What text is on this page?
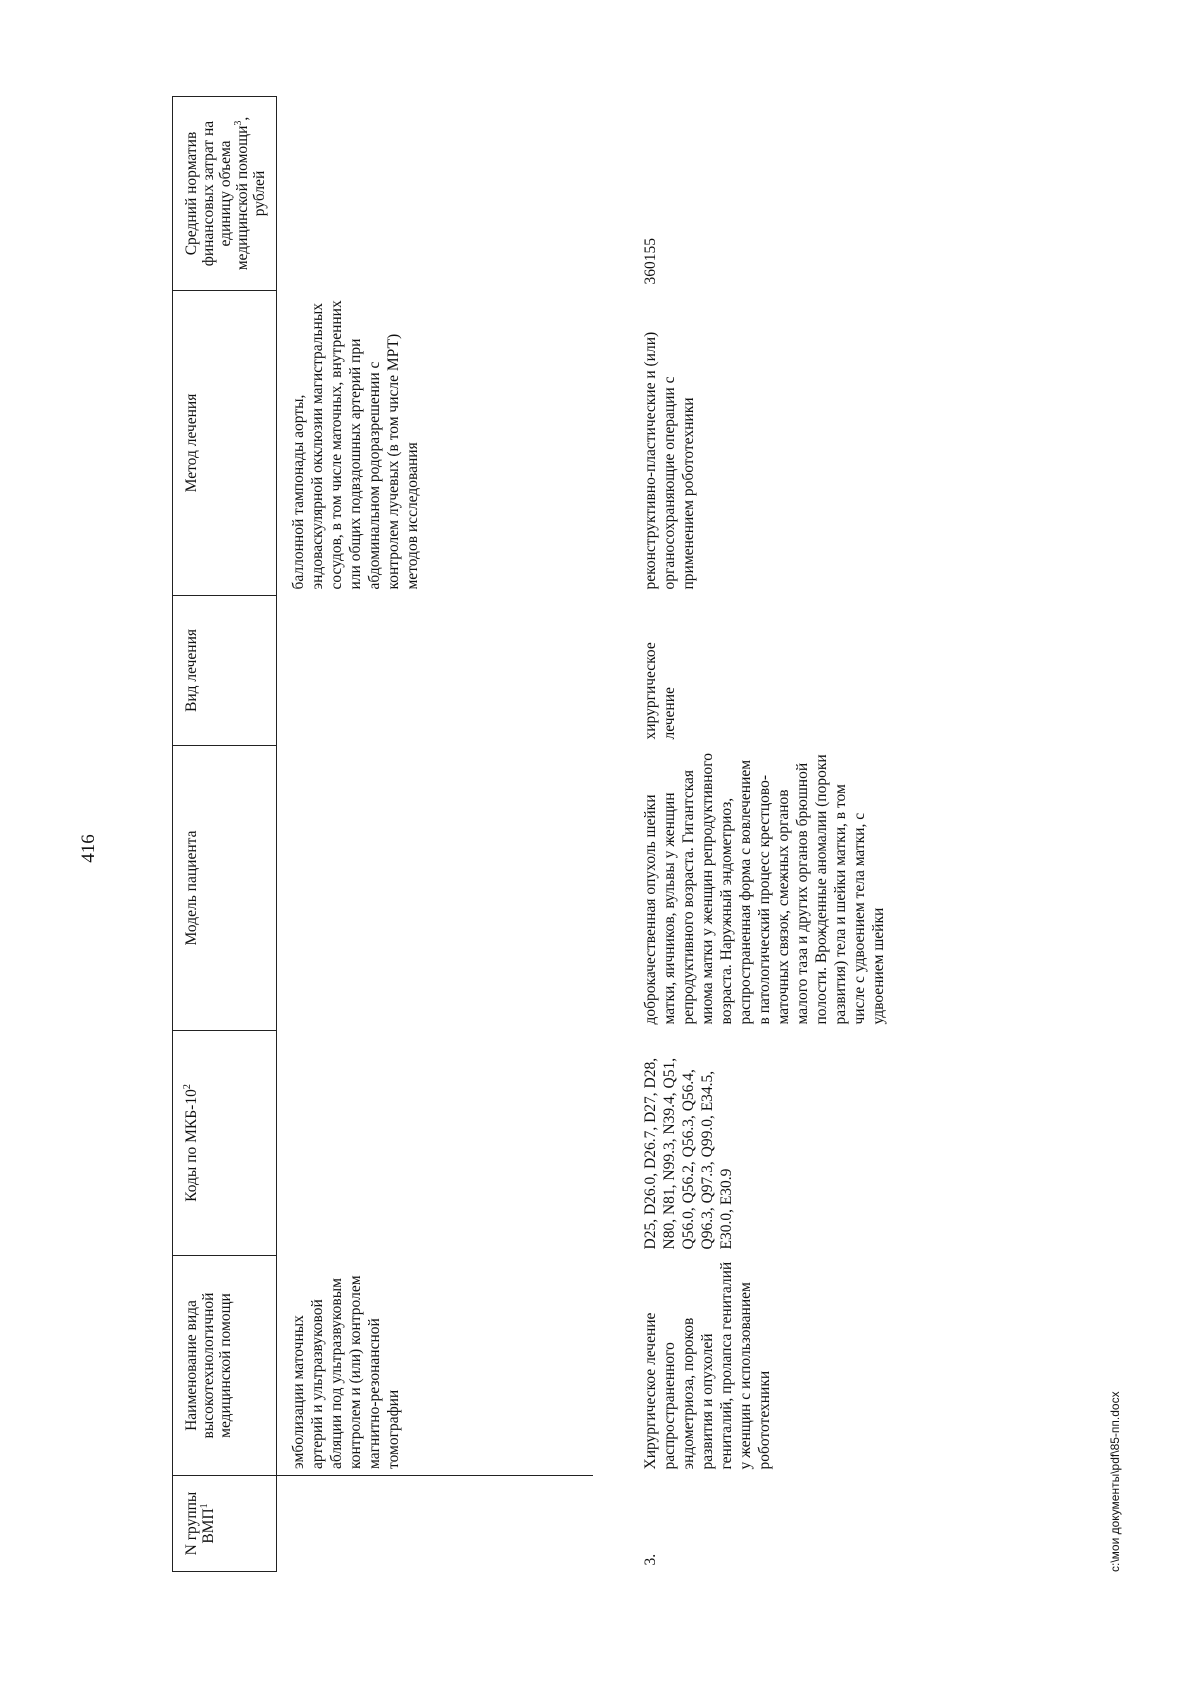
416
N группы ВМП$^1$	Наименование вида высокотехнологичной медицинской помощи	Коды по МКБ-$10^2$	Модель пациента	Вид лечения	Метод лечения	Средний норматив финансовых затрат на единицу объема медицинской помощи$^3$, рублей
	эмболизации маточных артерий и ультразвуковой абляции под ультразвуковым контролем и (или) контролем магнитно-резонансной томографии				баллонной тампонады аорты, эндоваскулярной окклюзии магистральных сосудов, в том числе маточных, внутренних или общих подвздошных артерий при абдоминальном родоразрешении с контролем лучевых (в том числе МРТ) методов исследования	
3.	Хирургическое лечение распространенного эндометриоза, пороков развития и опухолей гениталий, пролапса гениталий у женщин с использованием робототехники	D25, D26.0, D26.7, D27, D28, N80, N81, N99.3, N39.4, Q51, Q56.0, Q56.2, Q56.3, Q56.4, Q96.3, Q97.3, Q99.0, E34.5, E30.0, E30.9	доброкачественная опухоль шейки матки, яичников, вульвы у женщин репродуктивного возраста. Гигантская миома матки у женщин репродуктивного возраста. Наружный эндометриоз, распространенная форма с вовлечением в патологический процесс крестцово-маточных связок, смежных органов малого таза и других органов брюшной полости. Врожденные аномалии (пороки развития) тела и шейки матки, в том числе с удвоением тела матки, с удвоением шейки	хирургическое лечение	реконструктивно-пластические и (или) органосохраняющие операции с применением робототехники	360155
c:\мои документы\pdf\85-пп.docx
